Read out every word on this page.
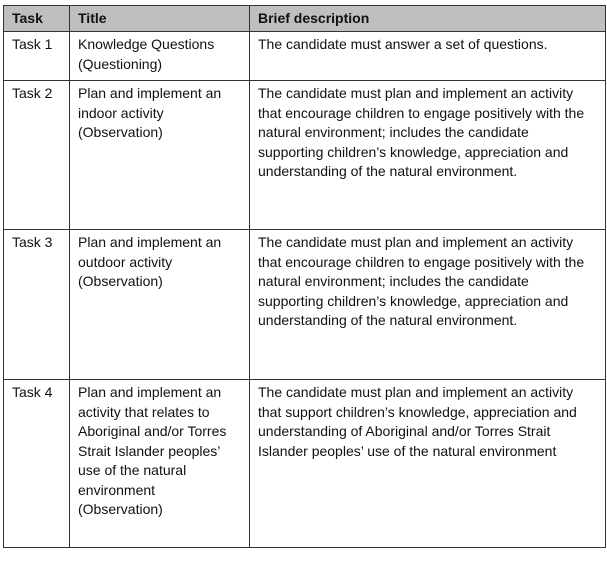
Task	Title	Brief description
Task 1	Knowledge Questions (Questioning)	The candidate must answer a set of questions.
Task 2	Plan and implement an indoor activity (Observation)	The candidate must plan and implement an activity that encourage children to engage positively with the natural environment; includes the candidate supporting children’s knowledge, appreciation and understanding of the natural environment.
Task 3	Plan and implement an outdoor activity (Observation)	The candidate must plan and implement an activity that encourage children to engage positively with the natural environment; includes the candidate supporting children’s knowledge, appreciation and understanding of the natural environment.
Task 4	Plan and implement an activity that relates to Aboriginal and/or Torres Strait Islander peoples’ use of the natural environment (Observation)	The candidate must plan and implement an activity that support children’s knowledge, appreciation and understanding of Aboriginal and/or Torres Strait Islander peoples’ use of the natural environment
